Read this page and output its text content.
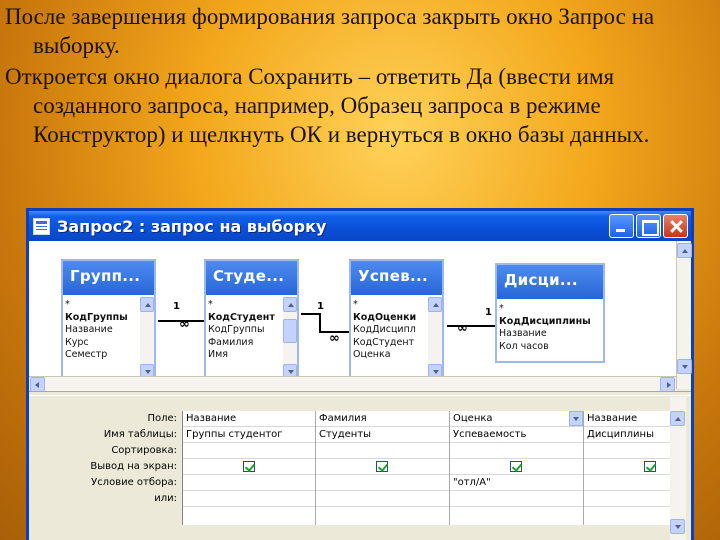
После завершения формирования запроса закрыть окно Запрос на выборку.

Откроется окно диалога Сохранить – ответить Да (ввести имя созданного запроса, например, Образец запроса в режиме Конструктор) и щелкнуть ОК и вернуться в окно базы данных.

Запрос2 : запрос на выборку
Групп...
*
КодГруппы
Название
Курс
Семестр
Студе...
*
КодСтудент
КодГруппы
Фамилия
Имя
Успев...
*
КодОценки
КодДисципл
КодСтудент
Оценка
Дисци...
*
КодДисциплины
Название
Кол часов
1
∞
1
∞
1
∞
Поле:
Имя таблицы:
Сортировка:
Вывод на экран:
Условие отбора:
или:
Название
Группы студентог
Фамилия
Студенты
Оценка
Успеваемость
"отл/А"
Название
Дисциплины
